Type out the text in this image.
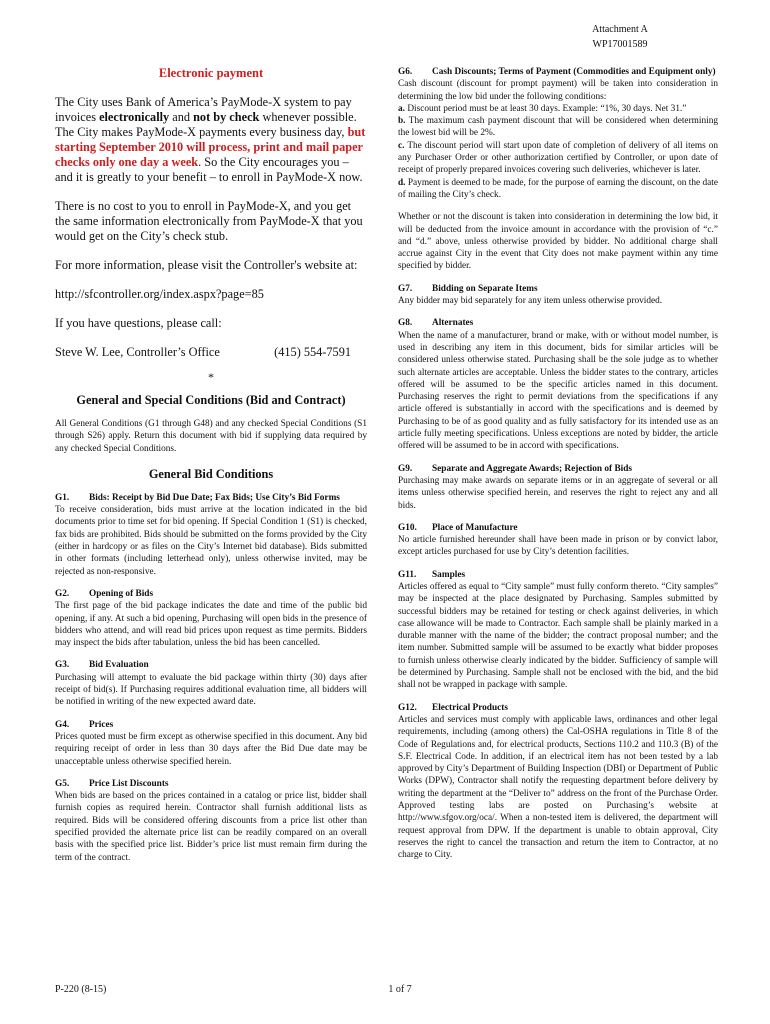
Attachment A
WP17001589
Electronic payment

The City uses Bank of America’s PayMode-X system to pay invoices electronically and not by check whenever possible. The City makes PayMode-X payments every business day, but starting September 2010 will process, print and mail paper checks only one day a week. So the City encourages you – and it is greatly to your benefit – to enroll in PayMode-X now.

There is no cost to you to enroll in PayMode-X, and you get the same information electronically from PayMode-X that you would get on the City’s check stub.

For more information, please visit the Controller's website at:

http://sfcontroller.org/index.aspx?page=85

If you have questions, please call:

Steve W. Lee, Controller’s Office	(415) 554-7591
*
General and Special Conditions (Bid and Contract)

All General Conditions (G1 through G48) and any checked Special Conditions (S1 through S26) apply. Return this document with bid if supplying data required by any checked Special Conditions.

General Bid Conditions
G1. Bids: Receipt by Bid Due Date; Fax Bids; Use City’s Bid Forms

To receive consideration, bids must arrive at the location indicated in the bid documents prior to time set for bid opening. If Special Condition 1 (S1) is checked, fax bids are prohibited. Bids should be submitted on the forms provided by the City (either in hardcopy or as files on the City’s Internet bid database). Bids submitted in other formats (including letterhead only), unless otherwise invited, may be rejected as non-responsive.

G2. Opening of Bids

The first page of the bid package indicates the date and time of the public bid opening, if any. At such a bid opening, Purchasing will open bids in the presence of bidders who attend, and will read bid prices upon request as time permits. Bidders may inspect the bids after tabulation, unless the bid has been cancelled.

G3. Bid Evaluation

Purchasing will attempt to evaluate the bid package within thirty (30) days after receipt of bid(s). If Purchasing requires additional evaluation time, all bidders will be notified in writing of the new expected award date.

G4. Prices

Prices quoted must be firm except as otherwise specified in this document. Any bid requiring receipt of order in less than 30 days after the Bid Due date may be unacceptable unless otherwise specified herein.

G5. Price List Discounts

When bids are based on the prices contained in a catalog or price list, bidder shall furnish copies as required herein. Contractor shall furnish additional lists as required. Bids will be considered offering discounts from a price list other than specified provided the alternate price list can be readily compared on an overall basis with the specified price list. Bidder’s price list must remain firm during the term of the contract.

G6. Cash Discounts; Terms of Payment (Commodities and Equipment only)

Cash discount (discount for prompt payment) will be taken into consideration in determining the low bid under the following conditions:

a. Discount period must be at least 30 days. Example: “1%, 30 days. Net 31.”

b. The maximum cash payment discount that will be considered when determining the lowest bid will be 2%.

c. The discount period will start upon date of completion of delivery of all items on any Purchaser Order or other authorization certified by Controller, or upon date of receipt of properly prepared invoices covering such deliveries, whichever is later.

d. Payment is deemed to be made, for the purpose of earning the discount, on the date of mailing the City’s check.

Whether or not the discount is taken into consideration in determining the low bid, it will be deducted from the invoice amount in accordance with the provision of “c.” and “d.” above, unless otherwise provided by bidder. No additional charge shall accrue against City in the event that City does not make payment within any time specified by bidder.

G7. Bidding on Separate Items

Any bidder may bid separately for any item unless otherwise provided.

G8. Alternates

When the name of a manufacturer, brand or make, with or without model number, is used in describing any item in this document, bids for similar articles will be considered unless otherwise stated. Purchasing shall be the sole judge as to whether such alternate articles are acceptable. Unless the bidder states to the contrary, articles offered will be assumed to be the specific articles named in this document. Purchasing reserves the right to permit deviations from the specifications if any article offered is substantially in accord with the specifications and is deemed by Purchasing to be of as good quality and as fully satisfactory for its intended use as an article fully meeting specifications. Unless exceptions are noted by bidder, the article offered will be assumed to be in accord with specifications.

G9. Separate and Aggregate Awards; Rejection of Bids

Purchasing may make awards on separate items or in an aggregate of several or all items unless otherwise specified herein, and reserves the right to reject any and all bids.

G10. Place of Manufacture

No article furnished hereunder shall have been made in prison or by convict labor, except articles purchased for use by City’s detention facilities.

G11. Samples

Articles offered as equal to “City sample” must fully conform thereto. “City samples” may be inspected at the place designated by Purchasing. Samples submitted by successful bidders may be retained for testing or check against deliveries, in which case allowance will be made to Contractor. Each sample shall be plainly marked in a durable manner with the name of the bidder; the contract proposal number; and the item number. Submitted sample will be assumed to be exactly what bidder proposes to furnish unless otherwise clearly indicated by the bidder. Sufficiency of sample will be determined by Purchasing. Sample shall not be enclosed with the bid, and the bid shall not be wrapped in package with sample.

G12. Electrical Products

Articles and services must comply with applicable laws, ordinances and other legal requirements, including (among others) the Cal-OSHA regulations in Title 8 of the Code of Regulations and, for electrical products, Sections 110.2 and 110.3 (B) of the S.F. Electrical Code. In addition, if an electrical item has not been tested by a lab approved by City’s Department of Building Inspection (DBI) or Department of Public Works (DPW), Contractor shall notify the requesting department before delivery by writing the department at the “Deliver to” address on the front of the Purchase Order. Approved testing labs are posted on Purchasing’s website at http://www.sfgov.org/oca/. When a non-tested item is delivered, the department will request approval from DPW. If the department is unable to obtain approval, City reserves the right to cancel the transaction and return the item to Contractor, at no charge to City.

P-220 (8-15)	1 of 7
